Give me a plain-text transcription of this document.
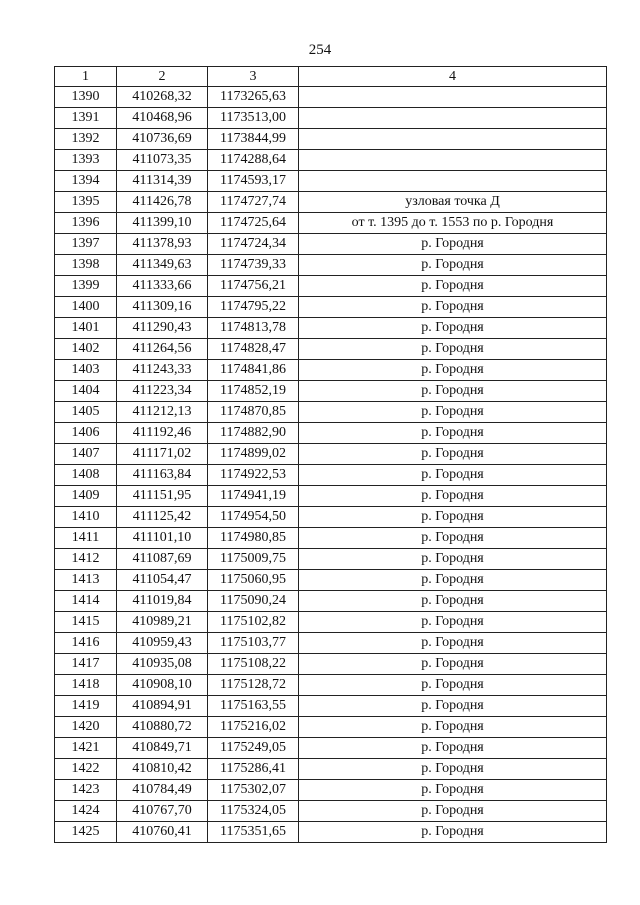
254
1	2	3	4
1390	410268,32	1173265,63	
1391	410468,96	1173513,00	
1392	410736,69	1173844,99	
1393	411073,35	1174288,64	
1394	411314,39	1174593,17	
1395	411426,78	1174727,74	узловая точка Д
1396	411399,10	1174725,64	от т. 1395 до т. 1553 по р. Городня
1397	411378,93	1174724,34	р. Городня
1398	411349,63	1174739,33	р. Городня
1399	411333,66	1174756,21	р. Городня
1400	411309,16	1174795,22	р. Городня
1401	411290,43	1174813,78	р. Городня
1402	411264,56	1174828,47	р. Городня
1403	411243,33	1174841,86	р. Городня
1404	411223,34	1174852,19	р. Городня
1405	411212,13	1174870,85	р. Городня
1406	411192,46	1174882,90	р. Городня
1407	411171,02	1174899,02	р. Городня
1408	411163,84	1174922,53	р. Городня
1409	411151,95	1174941,19	р. Городня
1410	411125,42	1174954,50	р. Городня
1411	411101,10	1174980,85	р. Городня
1412	411087,69	1175009,75	р. Городня
1413	411054,47	1175060,95	р. Городня
1414	411019,84	1175090,24	р. Городня
1415	410989,21	1175102,82	р. Городня
1416	410959,43	1175103,77	р. Городня
1417	410935,08	1175108,22	р. Городня
1418	410908,10	1175128,72	р. Городня
1419	410894,91	1175163,55	р. Городня
1420	410880,72	1175216,02	р. Городня
1421	410849,71	1175249,05	р. Городня
1422	410810,42	1175286,41	р. Городня
1423	410784,49	1175302,07	р. Городня
1424	410767,70	1175324,05	р. Городня
1425	410760,41	1175351,65	р. Городня
